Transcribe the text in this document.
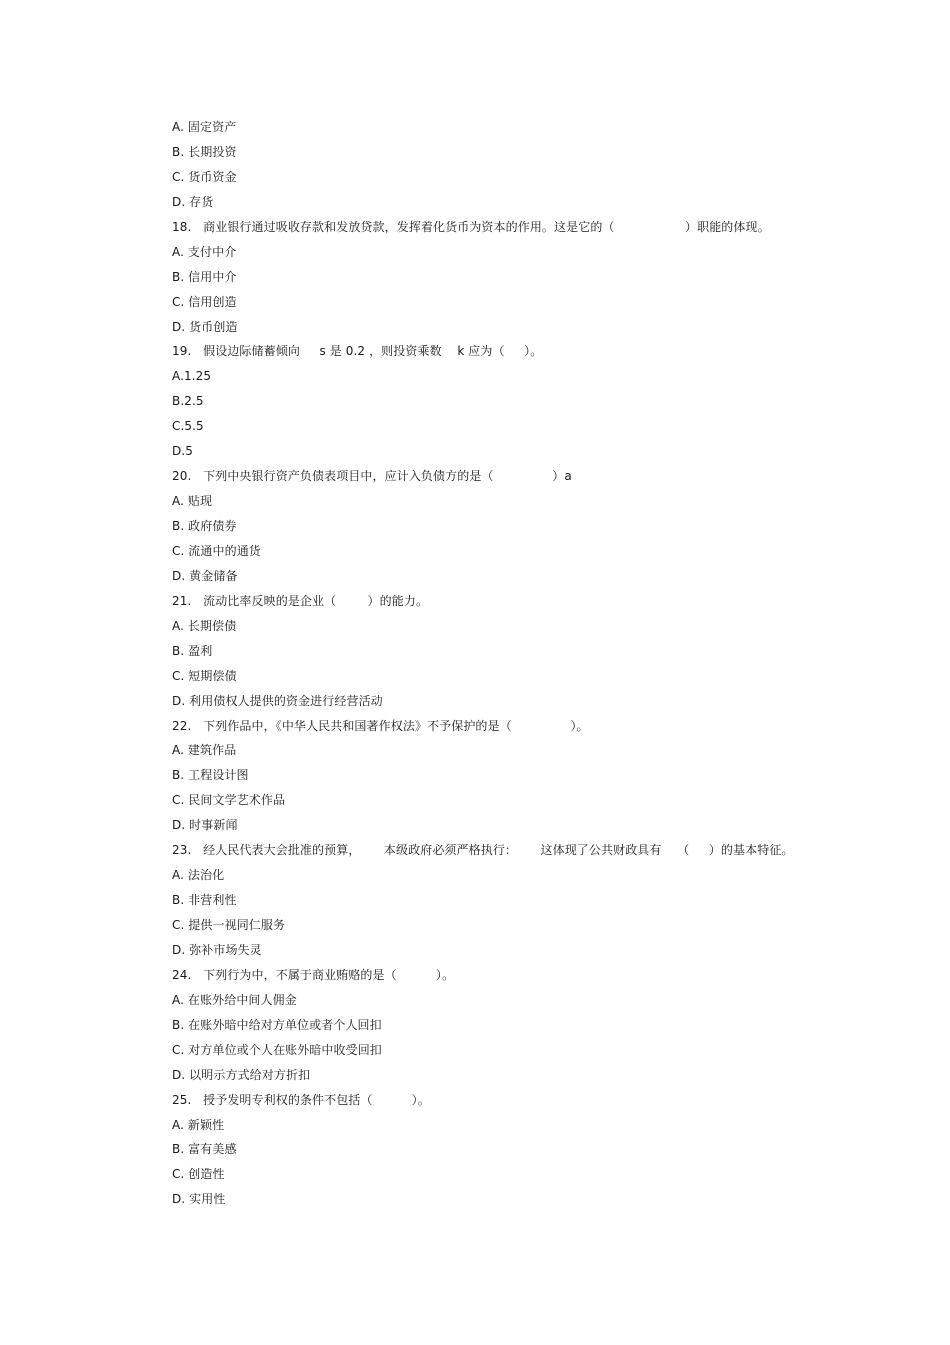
A. 固定资产
B. 长期投资
C. 货币资金
D. 存货
18.   商业银行通过吸收存款和发放贷款，发挥着化货币为资本的作用。这是它的（                  ）职能的体现。
A. 支付中介
B. 信用中介
C. 信用创造
D. 货币创造
19.   假设边际储蓄倾向     s 是 0.2 ，则投资乘数    k 应为（     ）。
A.1.25
B.2.5
C.5.5
D.5
20.   下列中央银行资产负债表项目中，应计入负债方的是（               ）a
A. 贴现
B. 政府债券
C. 流通中的通货
D. 黄金储备
21.   流动比率反映的是企业（        ）的能力。
A. 长期偿债
B. 盈利
C. 短期偿债
D. 利用债权人提供的资金进行经营活动
22.   下列作品中，《中华人民共和国著作权法》不予保护的是（               ）。
A. 建筑作品
B. 工程设计图
C. 民间文学艺术作品
D. 时事新闻
23.   经人民代表大会批准的预算，      本级政府必须严格执行：      这体现了公共财政具有    （     ）的基本特征。
A. 法治化
B. 非营利性
C. 提供一视同仁服务
D. 弥补市场失灵
24.   下列行为中，不属于商业贿赂的是（          ）。
A. 在账外给中间人佣金
B. 在账外暗中给对方单位或者个人回扣
C. 对方单位或个人在账外暗中收受回扣
D. 以明示方式给对方折扣
25.   授予发明专利权的条件不包括（          ）。
A. 新颖性
B. 富有美感
C. 创造性
D. 实用性
